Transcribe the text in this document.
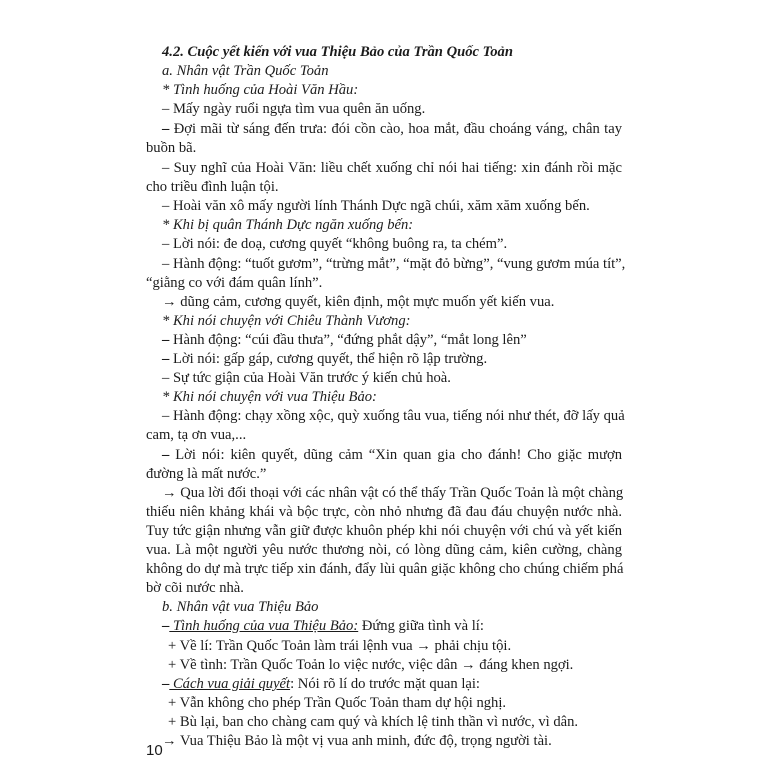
4.2. Cuộc yết kiến với vua Thiệu Bảo của Trần Quốc Toản
a. Nhân vật Trần Quốc Toản
* Tình huống của Hoài Văn Hầu:
– Mấy ngày ruổi ngựa tìm vua quên ăn uống.
– Đợi mãi từ sáng đến trưa: đói cồn cào, hoa mắt, đầu choáng váng, chân tay
buồn bã.
– Suy nghĩ của Hoài Văn: liều chết xuống chỉ nói hai tiếng: xin đánh rồi mặc
cho triều đình luận tội.
– Hoài văn xô mấy người lính Thánh Dực ngã chúi, xăm xăm xuống bến.
* Khi bị quân Thánh Dực ngăn xuống bến:
– Lời nói: đe doạ, cương quyết “không buông ra, ta chém”.
– Hành động: “tuốt gươm”, “trừng mắt”, “mặt đỏ bừng”, “vung gươm múa tít”,
“giằng co với đám quân lính”.
→ dũng cảm, cương quyết, kiên định, một mực muốn yết kiến vua.
* Khi nói chuyện với Chiêu Thành Vương:
– Hành động: “cúi đầu thưa”, “đứng phắt dậy”, “mắt long lên”
– Lời nói: gấp gáp, cương quyết, thể hiện rõ lập trường.
– Sự tức giận của Hoài Văn trước ý kiến chủ hoà.
* Khi nói chuyện với vua Thiệu Bảo:
– Hành động: chạy xồng xộc, quỳ xuống tâu vua, tiếng nói như thét, đỡ lấy quả
cam, tạ ơn vua,...
– Lời nói: kiên quyết, dũng cảm “Xin quan gia cho đánh! Cho giặc mượn
đường là mất nước.”
→ Qua lời đối thoại với các nhân vật có thể thấy Trần Quốc Toản là một chàng
thiếu niên khảng khái và bộc trực, còn nhỏ nhưng đã đau đáu chuyện nước nhà.
Tuy tức giận nhưng vẫn giữ được khuôn phép khi nói chuyện với chú và yết kiến
vua. Là một người yêu nước thương nòi, có lòng dũng cảm, kiên cường, chàng
không do dự mà trực tiếp xin đánh, đẩy lùi quân giặc không cho chúng chiếm phá
bờ cõi nước nhà.
b. Nhân vật vua Thiệu Bảo
– Tình huống của vua Thiệu Bảo: Đứng giữa tình và lí:
+ Về lí: Trần Quốc Toản làm trái lệnh vua → phải chịu tội.
+ Về tình: Trần Quốc Toản lo việc nước, việc dân → đáng khen ngợi.
– Cách vua giải quyết: Nói rõ lí do trước mặt quan lại:
+ Vẫn không cho phép Trần Quốc Toản tham dự hội nghị.
+ Bù lại, ban cho chàng cam quý và khích lệ tinh thần vì nước, vì dân.
→ Vua Thiệu Bảo là một vị vua anh minh, đức độ, trọng người tài.
10
